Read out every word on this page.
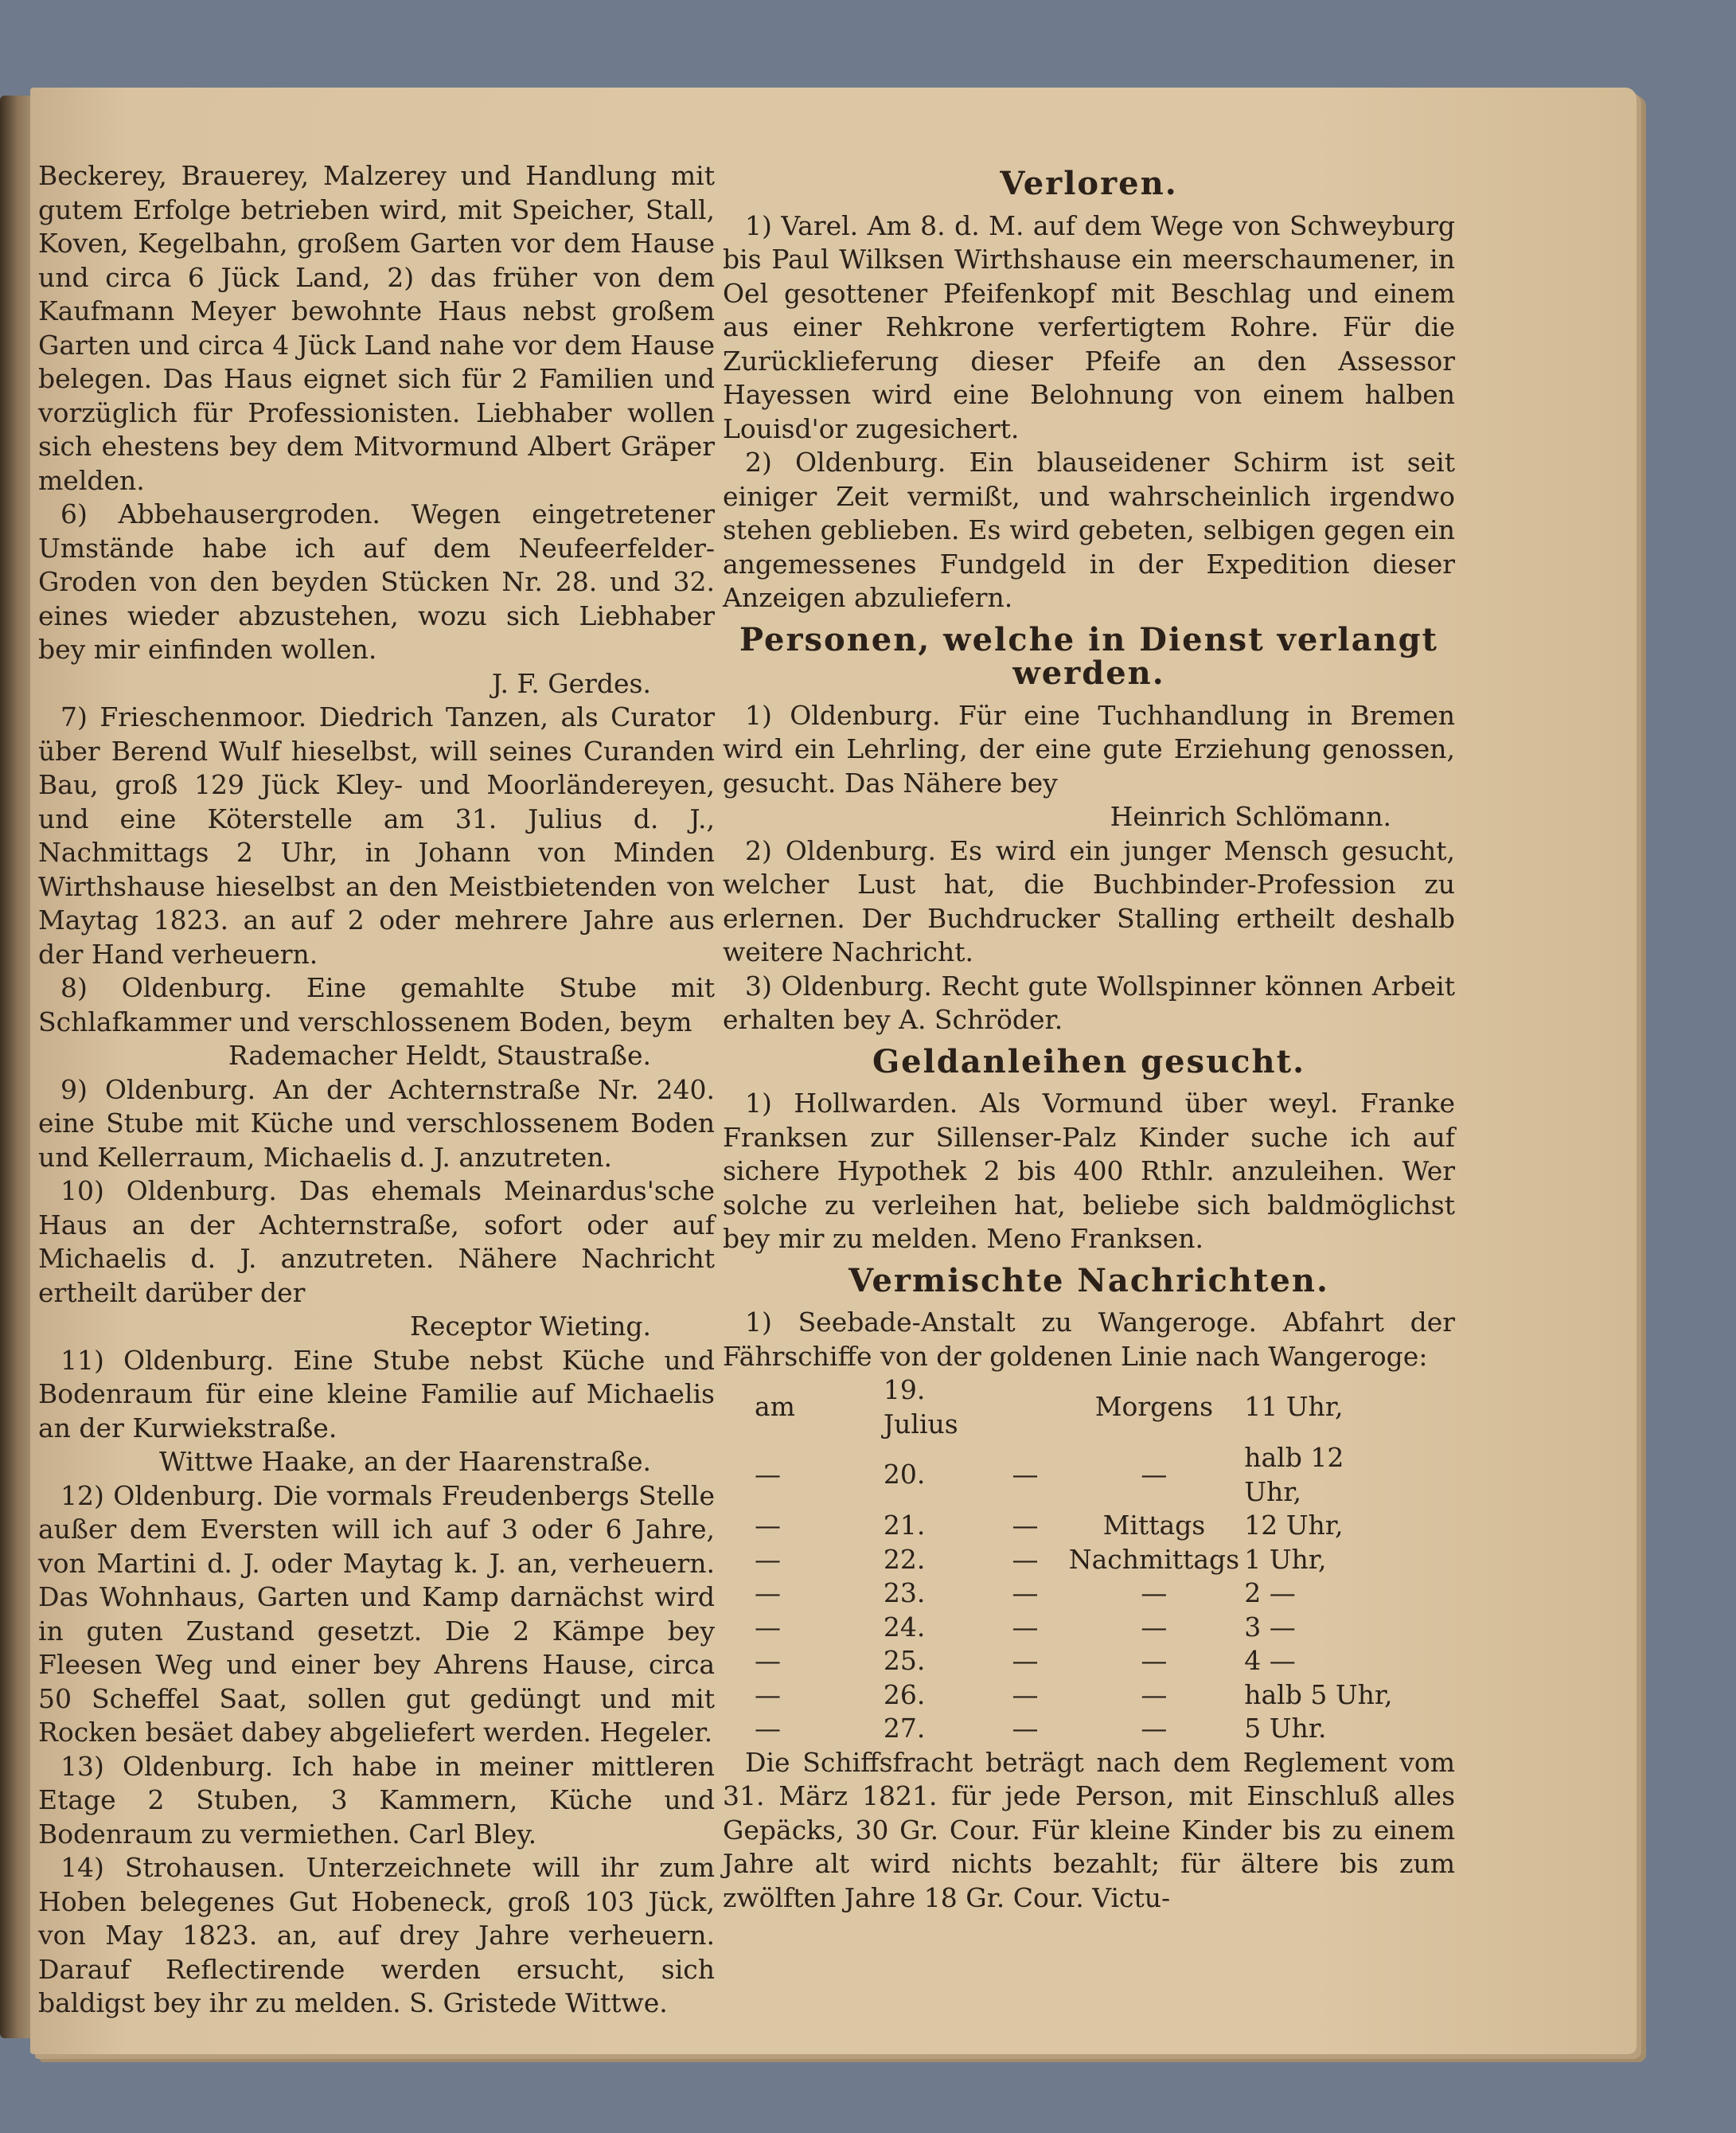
Beckerey, Brauerey, Malzerey und Handlung mit gutem Erfolge betrieben wird, mit Speicher, Stall, Koven, Kegelbahn, großem Garten vor dem Hause und circa 6 Jück Land, 2) das früher von dem Kaufmann Meyer bewohnte Haus nebst großem Garten und circa 4 Jück Land nahe vor dem Hause belegen. Das Haus eignet sich für 2 Familien und vorzüglich für Professionisten. Liebhaber wollen sich ehestens bey dem Mitvormund Albert Gräper melden.

6) Abbehausergroden. Wegen eingetretener Umstände habe ich auf dem Neufeerfelder-Groden von den beyden Stücken Nr. 28. und 32. eines wieder abzustehen, wozu sich Liebhaber bey mir einfinden wollen.

J. F. Gerdes.

7) Frieschenmoor. Diedrich Tanzen, als Curator über Berend Wulf hieselbst, will seines Curanden Bau, groß 129 Jück Kley- und Moorländereyen, und eine Köterstelle am 31. Julius d. J., Nachmittags 2 Uhr, in Johann von Minden Wirthshause hieselbst an den Meistbietenden von Maytag 1823. an auf 2 oder mehrere Jahre aus der Hand verheuern.

8) Oldenburg. Eine gemahlte Stube mit Schlafkammer und verschlossenem Boden, beym

Rademacher Heldt, Staustraße.

9) Oldenburg. An der Achternstraße Nr. 240. eine Stube mit Küche und verschlossenem Boden und Kellerraum, Michaelis d. J. anzutreten.

10) Oldenburg. Das ehemals Meinardus'sche Haus an der Achternstraße, sofort oder auf Michaelis d. J. anzutreten. Nähere Nachricht ertheilt darüber der

Receptor Wieting.

11) Oldenburg. Eine Stube nebst Küche und Bodenraum für eine kleine Familie auf Michaelis an der Kurwiekstraße.

Wittwe Haake, an der Haarenstraße.

12) Oldenburg. Die vormals Freudenbergs Stelle außer dem Eversten will ich auf 3 oder 6 Jahre, von Martini d. J. oder Maytag k. J. an, verheuern. Das Wohnhaus, Garten und Kamp darnächst wird in guten Zustand gesetzt. Die 2 Kämpe bey Fleesen Weg und einer bey Ahrens Hause, circa 50 Scheffel Saat, sollen gut gedüngt und mit Rocken besäet dabey abgeliefert werden. Hegeler.

13) Oldenburg. Ich habe in meiner mittleren Etage 2 Stuben, 3 Kammern, Küche und Bodenraum zu vermiethen. Carl Bley.

14) Strohausen. Unterzeichnete will ihr zum Hoben belegenes Gut Hobeneck, groß 103 Jück, von May 1823. an, auf drey Jahre verheuern. Darauf Reflectirende werden ersucht, sich baldigst bey ihr zu melden. S. Gristede Wittwe.

Verloren.

1) Varel. Am 8. d. M. auf dem Wege von Schweyburg bis Paul Wilksen Wirthshause ein meerschaumener, in Oel gesottener Pfeifenkopf mit Beschlag und einem aus einer Rehkrone verfertigtem Rohre. Für die Zurücklieferung dieser Pfeife an den Assessor Hayessen wird eine Belohnung von einem halben Louisd'or zugesichert.

2) Oldenburg. Ein blauseidener Schirm ist seit einiger Zeit vermißt, und wahrscheinlich irgendwo stehen geblieben. Es wird gebeten, selbigen gegen ein angemessenes Fundgeld in der Expedition dieser Anzeigen abzuliefern.

Personen, welche in Dienst verlangt werden.

1) Oldenburg. Für eine Tuchhandlung in Bremen wird ein Lehrling, der eine gute Erziehung genossen, gesucht. Das Nähere bey

Heinrich Schlömann.

2) Oldenburg. Es wird ein junger Mensch gesucht, welcher Lust hat, die Buchbinder-Profession zu erlernen. Der Buchdrucker Stalling ertheilt deshalb weitere Nachricht.

3) Oldenburg. Recht gute Wollspinner können Arbeit erhalten bey A. Schröder.

Geldanleihen gesucht.

1) Hollwarden. Als Vormund über weyl. Franke Franksen zur Sillenser-Palz Kinder suche ich auf sichere Hypothek 2 bis 400 Rthlr. anzuleihen. Wer solche zu verleihen hat, beliebe sich baldmöglichst bey mir zu melden. Meno Franksen.

Vermischte Nachrichten.

1) Seebade-Anstalt zu Wangeroge. Abfahrt der Fährschiffe von der goldenen Linie nach Wangeroge:

am	19. Julius		Morgens	11 Uhr,
—	20.	—	—	halb 12 Uhr,
—	21.	—	Mittags	12 Uhr,
—	22.	—	Nachmittags	1 Uhr,
—	23.	—	—	2 —
—	24.	—	—	3 —
—	25.	—	—	4 —
—	26.	—	—	halb 5 Uhr,
—	27.	—	—	5 Uhr.

Die Schiffsfracht beträgt nach dem Reglement vom 31. März 1821. für jede Person, mit Einschluß alles Gepäcks, 30 Gr. Cour. Für kleine Kinder bis zu einem Jahre alt wird nichts bezahlt; für ältere bis zum zwölften Jahre 18 Gr. Cour. Victu-
